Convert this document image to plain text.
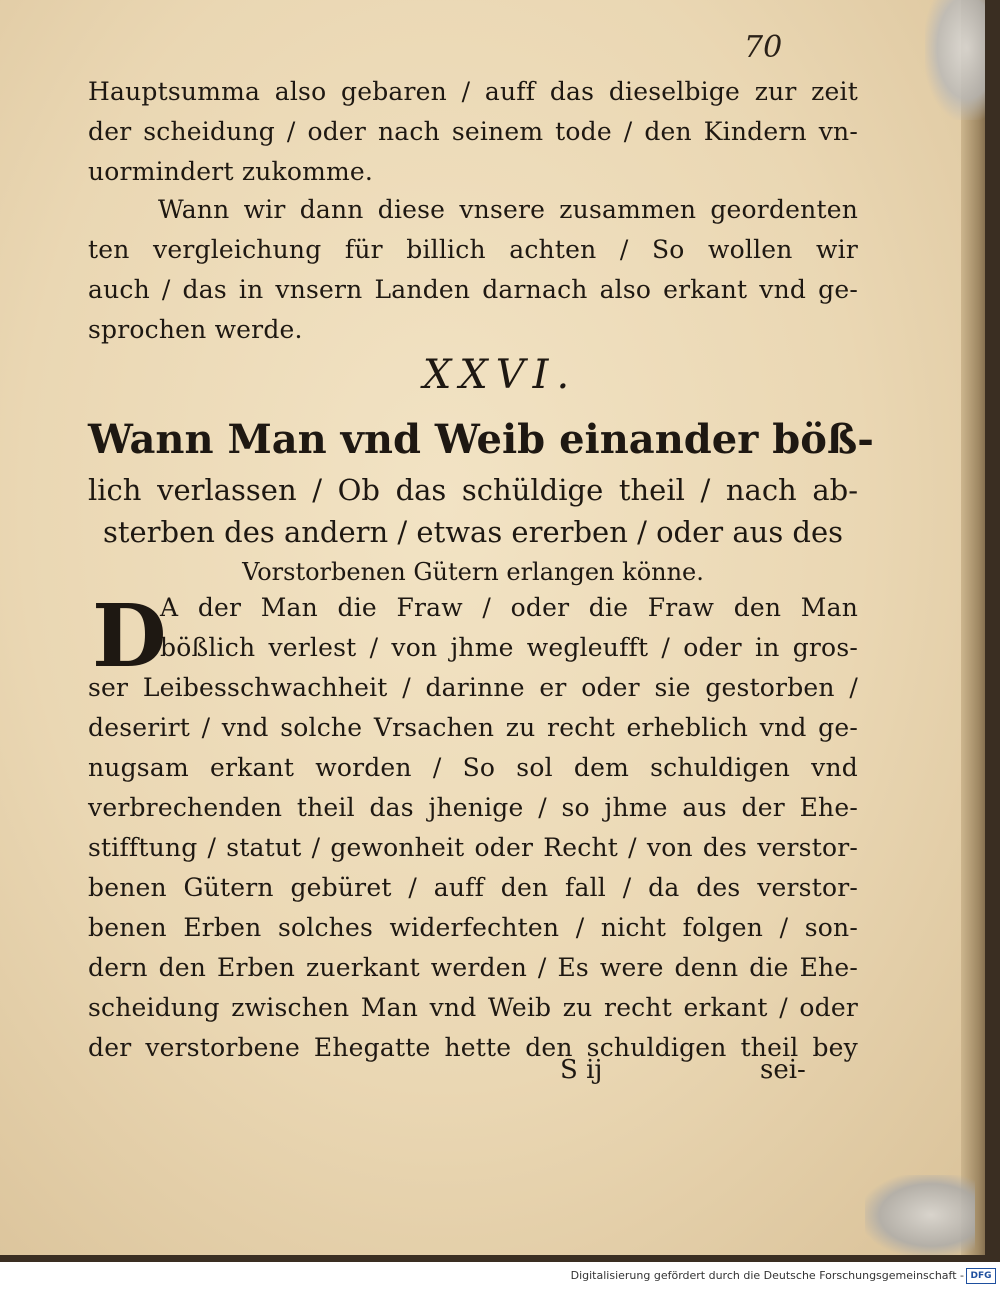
70
Hauptsumma also gebaren / auff das dieselbige zur zeit
der scheidung / oder nach seinem tode / den Kindern vn-
uormindert zukomme.
Wann wir dann diese vnsere zusammen geordenten
ten vergleichung für billich achten / So wollen wir
auch / das in vnsern Landen darnach also erkant vnd ge-
sprochen werde.
XXVI.
Wann Man vnd Weib einander böß-
lich verlassen / Ob das schüldige theil / nach ab-
sterben des andern / etwas ererben / oder aus des
Vorstorbenen Gütern erlangen könne.
D
A der Man die Fraw / oder die Fraw den Man
bößlich verlest / von jhme wegleufft / oder in gros-
ser Leibesschwachheit / darinne er oder sie gestorben /
deserirt / vnd solche Vrsachen zu recht erheblich vnd ge-
nugsam erkant worden / So sol dem schuldigen vnd
verbrechenden theil das jhenige / so jhme aus der Ehe-
stifftung / statut / gewonheit oder Recht / von des verstor-
benen Gütern gebüret / auff den fall / da des verstor-
benen Erben solches widerfechten / nicht folgen / son-
dern den Erben zuerkant werden / Es were denn die Ehe-
scheidung zwischen Man vnd Weib zu recht erkant / oder
der verstorbene Ehegatte hette den schuldigen theil bey
S ij	sei-
Digitalisierung gefördert durch die Deutsche Forschungsgemeinschaft - DFG
